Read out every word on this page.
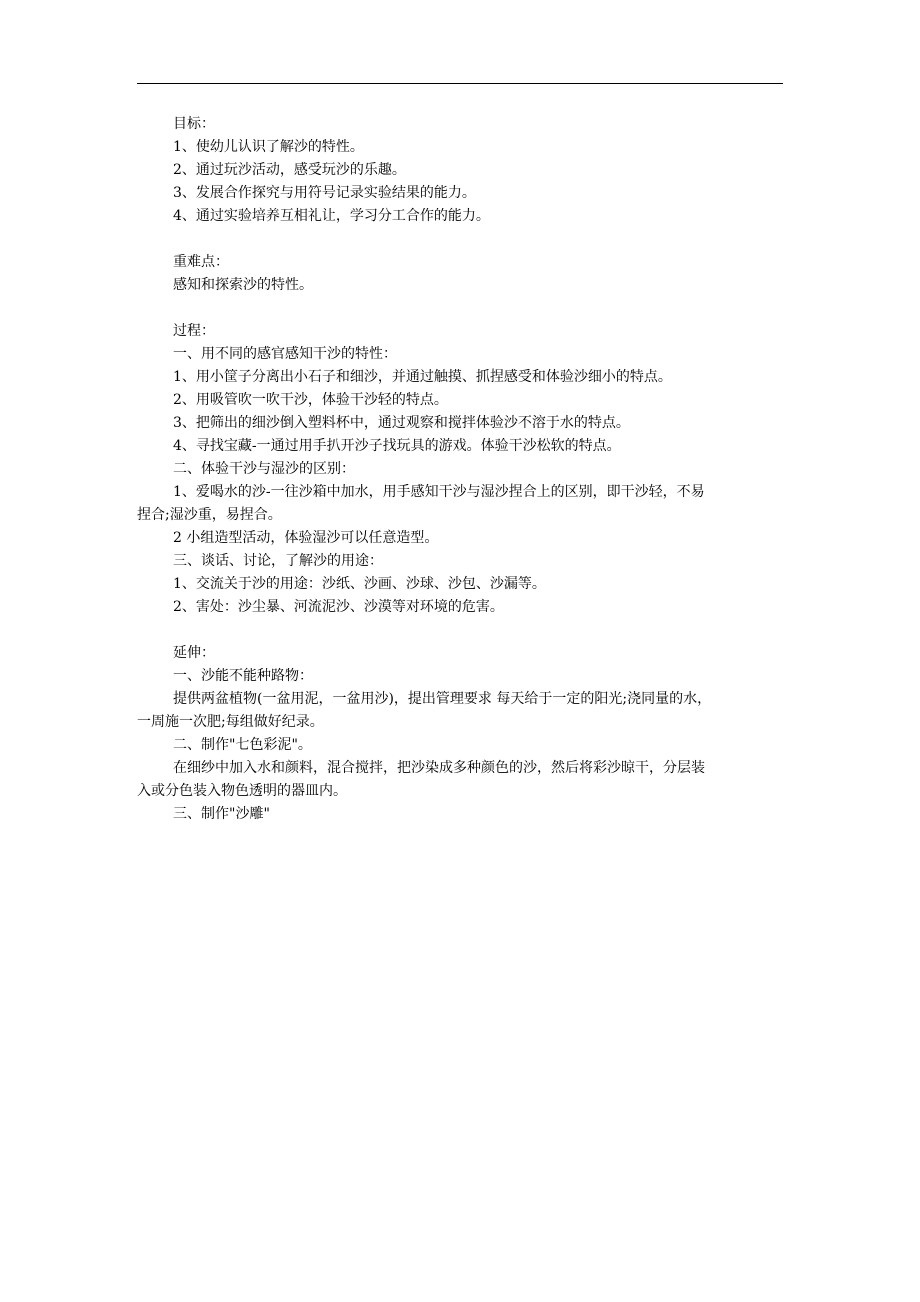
目标：

1、使幼儿认识了解沙的特性。

2、通过玩沙活动，感受玩沙的乐趣。

3、发展合作探究与用符号记录实验结果的能力。

4、通过实验培养互相礼让，学习分工合作的能力。

重难点：

感知和探索沙的特性。

过程：

一、用不同的感官感知干沙的特性：

1、用小筐子分离出小石子和细沙，并通过触摸、抓捏感受和体验沙细小的特点。

2、用吸管吹一吹干沙，体验干沙轻的特点。

3、把筛出的细沙倒入塑料杯中，通过观察和搅拌体验沙不溶于水的特点。

4、寻找宝藏-一通过用手扒开沙子找玩具的游戏。体验干沙松软的特点。

二、体验干沙与湿沙的区别：

1、爱喝水的沙-一往沙箱中加水，用手感知干沙与湿沙捏合上的区别，即干沙轻，不易

捏合;湿沙重，易捏合。

2 小组造型活动，体验湿沙可以任意造型。

三、谈话、讨论，了解沙的用途：

1、交流关于沙的用途：沙纸、沙画、沙球、沙包、沙漏等。

2、害处：沙尘暴、河流泥沙、沙漠等对环境的危害。

延伸：

一、沙能不能种路物：

提供两盆植物(一盆用泥，一盆用沙)，提出管理要求 每天给于一定的阳光;浇同量的水，

一周施一次肥;每组做好纪录。

二、制作"七色彩泥"。

在细纱中加入水和颜料，混合搅拌，把沙染成多种颜色的沙，然后将彩沙晾干，分层装

入或分色装入物色透明的器皿内。

三、制作"沙雕"
